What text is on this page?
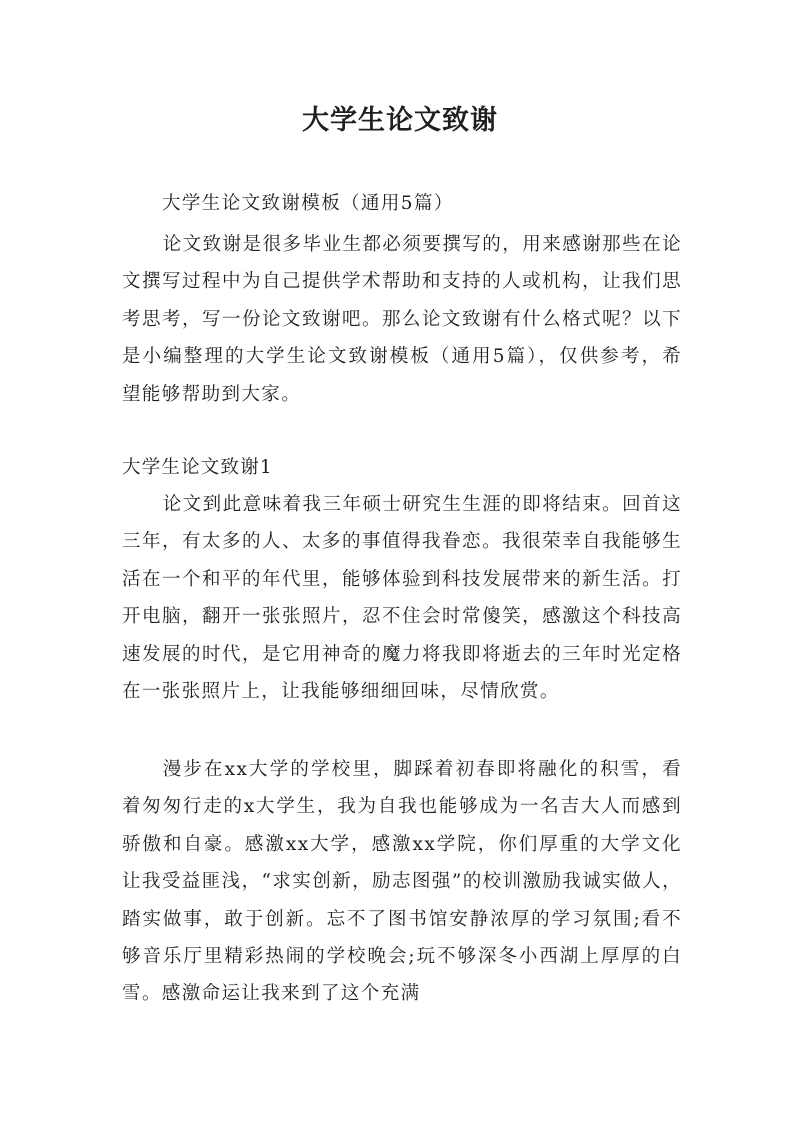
大学生论文致谢

大学生论文致谢模板（通用5篇）

论文致谢是很多毕业生都必须要撰写的，用来感谢那些在论文撰写过程中为自己提供学术帮助和支持的人或机构，让我们思考思考，写一份论文致谢吧。那么论文致谢有什么格式呢？以下是小编整理的大学生论文致谢模板（通用5篇），仅供参考，希望能够帮助到大家。

大学生论文致谢1

论文到此意味着我三年硕士研究生生涯的即将结束。回首这三年，有太多的人、太多的事值得我眷恋。我很荣幸自我能够生活在一个和平的年代里，能够体验到科技发展带来的新生活。打开电脑，翻开一张张照片，忍不住会时常傻笑，感激这个科技高速发展的时代，是它用神奇的魔力将我即将逝去的三年时光定格在一张张照片上，让我能够细细回味，尽情欣赏。

漫步在xx大学的学校里，脚踩着初春即将融化的积雪，看着匆匆行走的x大学生，我为自我也能够成为一名吉大人而感到骄傲和自豪。感激xx大学，感激xx学院，你们厚重的大学文化让我受益匪浅，“求实创新，励志图强”的校训激励我诚实做人，踏实做事，敢于创新。忘不了图书馆安静浓厚的学习氛围;看不够音乐厅里精彩热闹的学校晚会;玩不够深冬小西湖上厚厚的白雪。感激命运让我来到了这个充满
